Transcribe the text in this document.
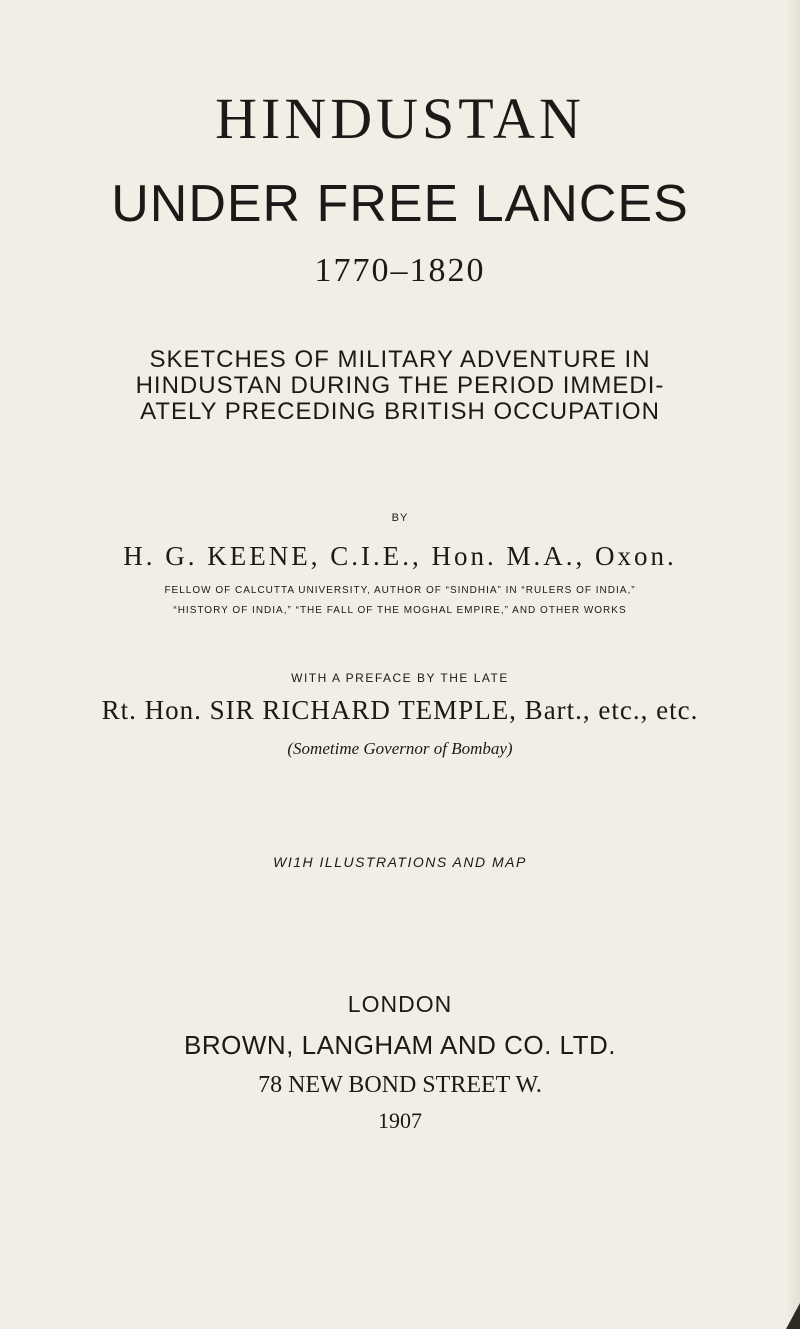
HINDUSTAN
UNDER FREE LANCES
1770–1820
SKETCHES OF MILITARY ADVENTURE IN
HINDUSTAN DURING THE PERIOD IMMEDI-
ATELY PRECEDING BRITISH OCCUPATION
BY
H. G. KEENE, C.I.E., Hon. M.A., Oxon.
FELLOW OF CALCUTTA UNIVERSITY, AUTHOR OF “SINDHIA” IN “RULERS OF INDIA,”
“HISTORY OF INDIA,” “THE FALL OF THE MOGHAL EMPIRE,” AND OTHER WORKS
WITH A PREFACE BY THE LATE
Rt. Hon. SIR RICHARD TEMPLE, Bart., etc., etc.
(Sometime Governor of Bombay)
WI1H ILLUSTRATIONS AND MAP
LONDON
BROWN, LANGHAM AND CO. LTD.
78 NEW BOND STREET W.
1907
